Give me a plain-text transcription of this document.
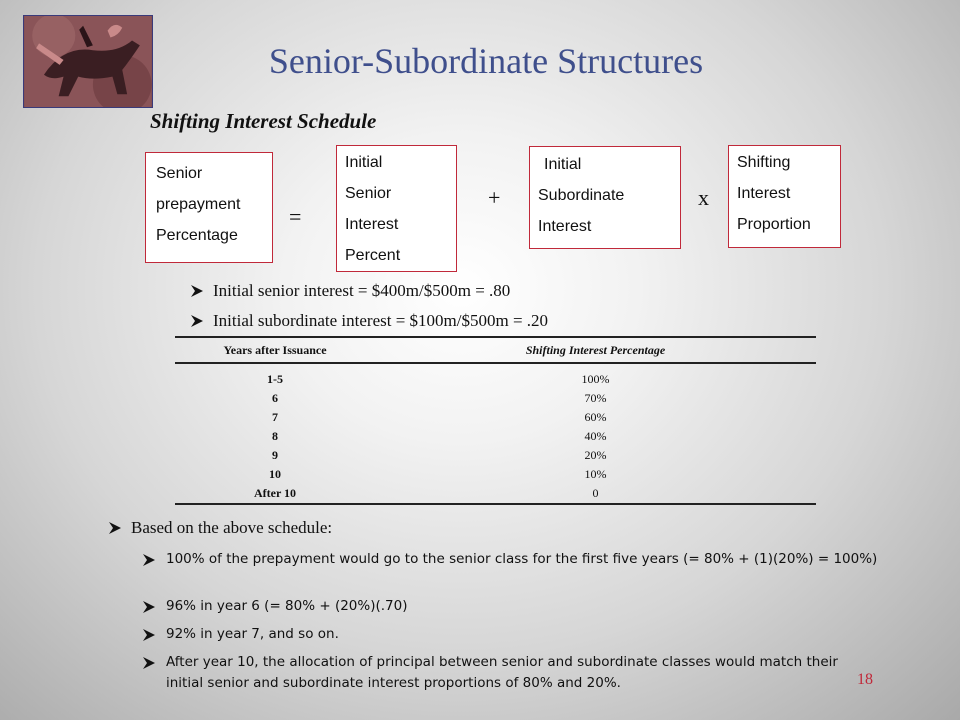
Senior-Subordinate Structures
Shifting Interest Schedule
Senior
prepayment
Percentage
=
Initial
Senior
Interest
Percent
+
Initial
Subordinate
Interest
x
Shifting
Interest
Proportion
Initial senior interest = $400m/$500m = .80
Initial subordinate interest = $100m/$500m = .20
Years after Issuance	Shifting Interest Percentage
1-5	100%
6	70%
7	60%
8	40%
9	20%
10	10%
After 10	0
Based on the above schedule:
100% of the prepayment would go to the senior class for the first five years (= 80% + (1)(20%) = 100%)
96% in year 6 (= 80% + (20%)(.70)
92% in year 7, and so on.
After year 10, the allocation of principal between senior and subordinate classes would match their initial senior and subordinate interest proportions of 80% and 20%.	18
